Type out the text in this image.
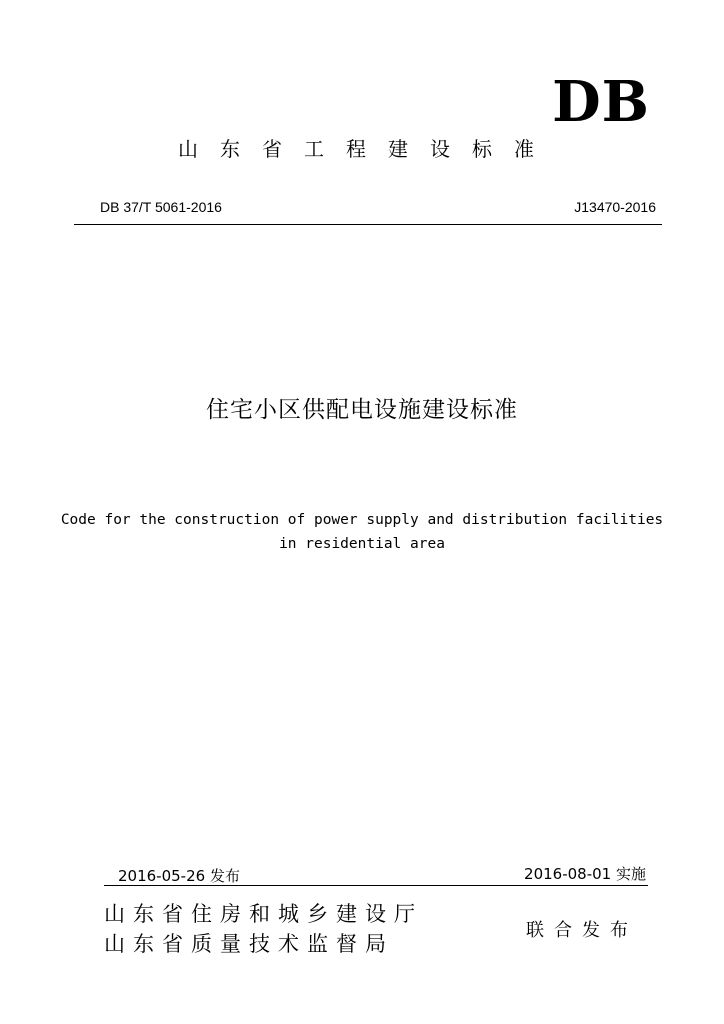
DB
山东省工程建设标准
DB 37/T 5061-2016	J13470-2016
住宅小区供配电设施建设标准
Code for the construction of power supply and distribution facilities
in residential area
2016-05-26 发布	2016-08-01 实施
山东省住房和城乡建设厅
山东省质量技术监督局
联合发布
